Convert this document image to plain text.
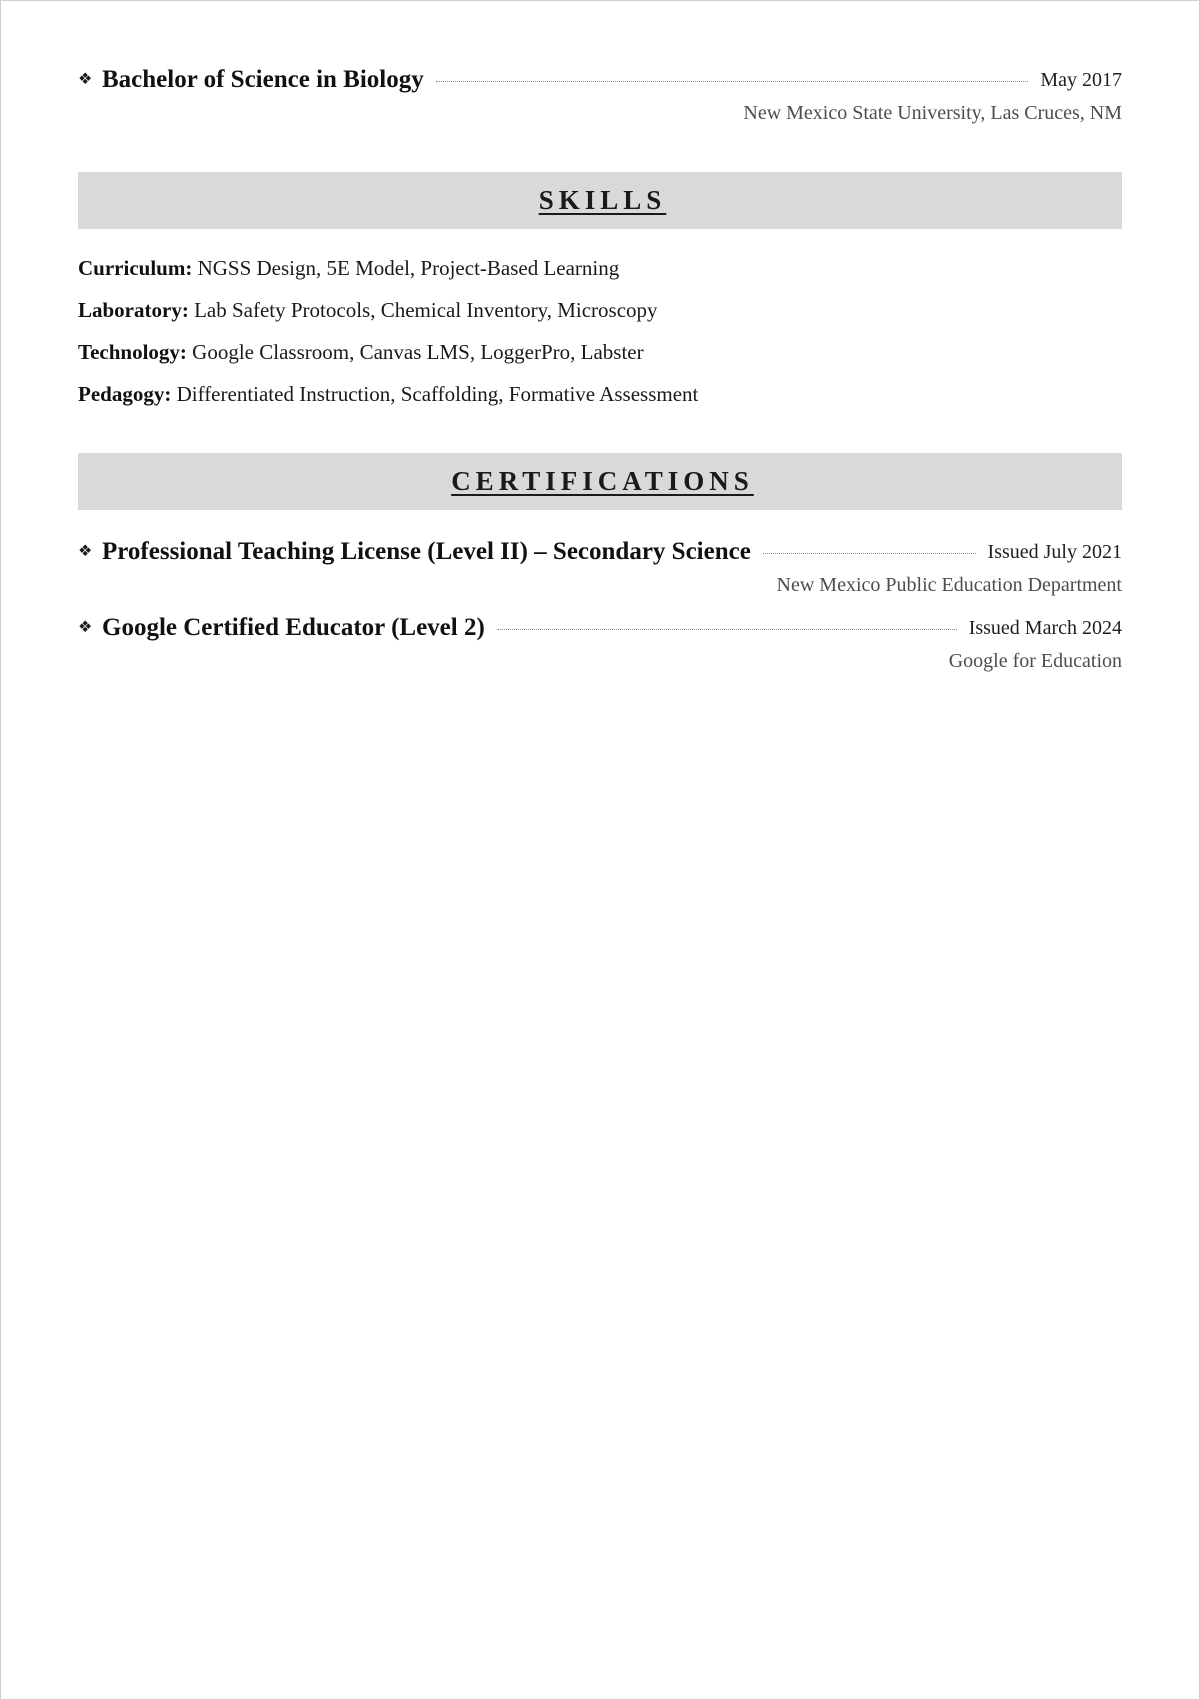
❖ Bachelor of Science in Biology	May 2017
New Mexico State University, Las Cruces, NM
SKILLS
Curriculum: NGSS Design, 5E Model, Project-Based Learning
Laboratory: Lab Safety Protocols, Chemical Inventory, Microscopy
Technology: Google Classroom, Canvas LMS, LoggerPro, Labster
Pedagogy: Differentiated Instruction, Scaffolding, Formative Assessment
CERTIFICATIONS
❖ Professional Teaching License (Level II) – Secondary Science	Issued July 2021
New Mexico Public Education Department
❖ Google Certified Educator (Level 2)	Issued March 2024
Google for Education
